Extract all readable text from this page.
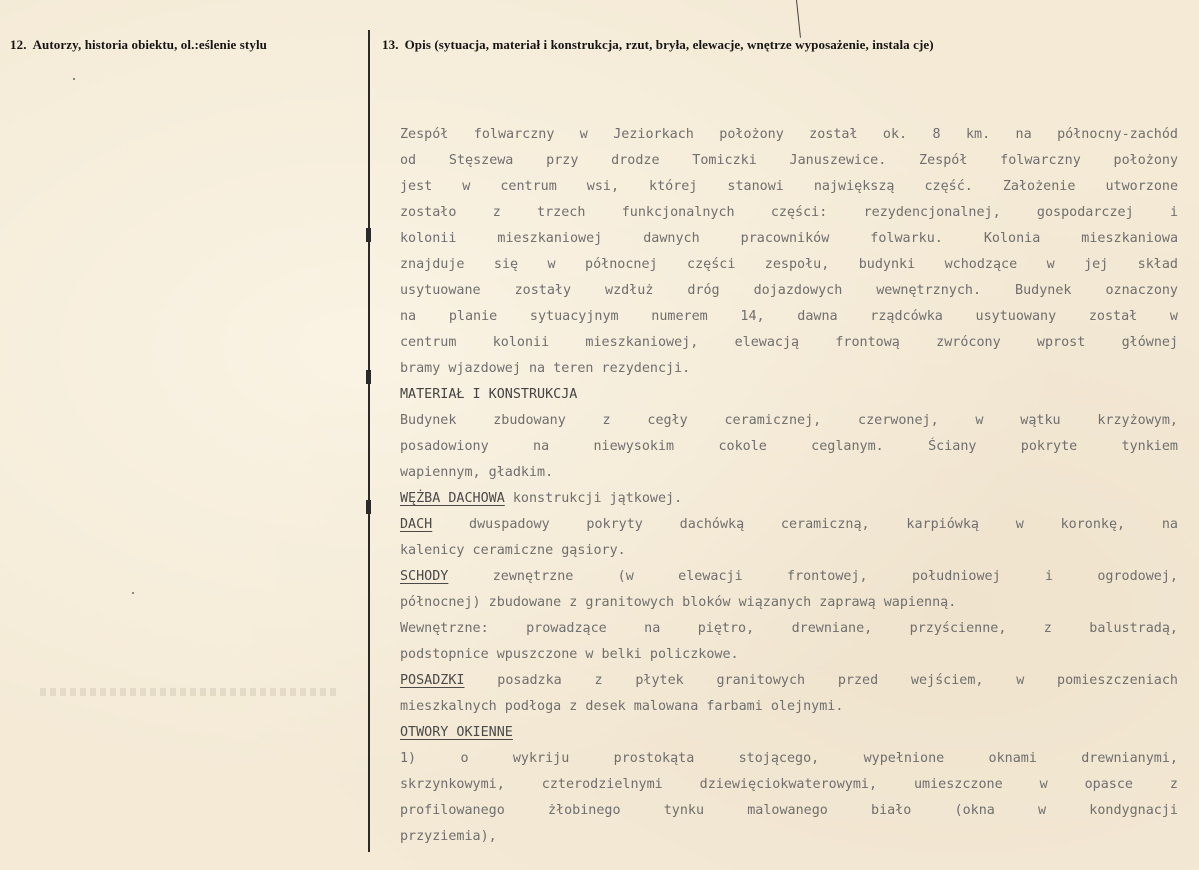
12. Autorzy, historia obiektu, ol.:eślenie stylu	13. Opis (sytuacja, materiał i konstrukcja, rzut, bryła, elewacje, wnętrze wyposażenie, instala cje)
Zespół folwarczny w Jeziorkach położony został ok. 8 km. na północny-zachód
od Stęszewa przy drodze Tomiczki Januszewice. Zespół folwarczny położony
jest w centrum wsi, której stanowi największą część. Założenie utworzone
zostało z trzech funkcjonalnych części: rezydencjonalnej, gospodarczej i
kolonii mieszkaniowej dawnych pracowników folwarku. Kolonia mieszkaniowa
znajduje się w północnej części zespołu, budynki wchodzące w jej skład
usytuowane zostały wzdłuż dróg dojazdowych wewnętrznych. Budynek oznaczony
na planie sytuacyjnym numerem 14, dawna rządcówka usytuowany został w
centrum kolonii mieszkaniowej, elewacją frontową zwrócony wprost głównej
bramy wjazdowej na teren rezydencji.
MATERIAŁ I KONSTRUKCJA
Budynek zbudowany z cegły ceramicznej, czerwonej, w wątku krzyżowym,
posadowiony na niewysokim cokole ceglanym. Ściany pokryte tynkiem
wapiennym, gładkim.
WĘŻBA DACHOWA konstrukcji jątkowej.
DACH dwuspadowy pokryty dachówką ceramiczną, karpiówką w koronkę, na
kalenicy ceramiczne gąsiory.
SCHODY zewnętrzne (w elewacji frontowej, południowej i ogrodowej,
północnej) zbudowane z granitowych bloków wiązanych zaprawą wapienną.
Wewnętrzne: prowadzące na piętro, drewniane, przyścienne, z balustradą,
podstopnice wpuszczone w belki policzkowe.
POSADZKI posadzka z płytek granitowych przed wejściem, w pomieszczeniach
mieszkalnych podłoga z desek malowana farbami olejnymi.
OTWORY OKIENNE
1) o wykriju prostokąta stojącego, wypełnione oknami drewnianymi,
skrzynkowymi, czterodzielnymi dziewięciokwaterowymi, umieszczone w opasce z
profilowanego żłobinego tynku malowanego biało (okna w kondygnacji
przyziemia),
